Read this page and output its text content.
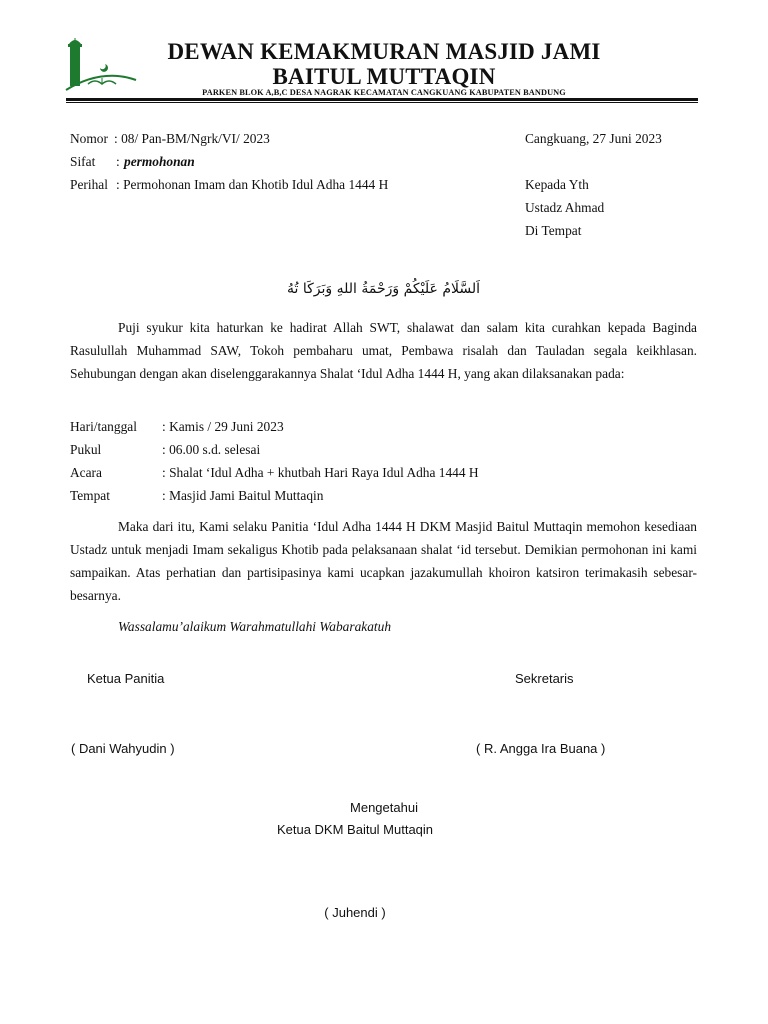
DEWAN KEMAKMURAN MASJID JAMI
BAITUL MUTTAQIN
PARKEN BLOK A,B,C DESA NAGRAK KECAMATAN CANGKUANG KABUPATEN BANDUNG
Nomor : 08/ Pan-BM/Ngrk/VI/ 2023
Sifat : permohonan
Perihal : Permohonan Imam dan Khotib Idul Adha 1444 H
Cangkuang, 27 Juni 2023
Kepada Yth
Ustadz Ahmad
Di Tempat
اَلسَّلَامُ عَلَيْكُمْ وَرَحْمَةُ اللهِ وَبَرَكَا تُهُ
Puji syukur kita haturkan ke hadirat Allah SWT, shalawat dan salam kita curahkan kepada Baginda Rasulullah Muhammad SAW, Tokoh pembaharu umat, Pembawa risalah dan Tauladan segala keikhlasan. Sehubungan dengan akan diselenggarakannya Shalat ‘Idul Adha 1444 H, yang akan dilaksanakan pada:
Hari/tanggal : Kamis / 29 Juni 2023
Pukul	: 06.00 s.d. selesai
Acara	: Shalat ‘Idul Adha + khutbah Hari Raya Idul Adha 1444 H
Tempat	: Masjid Jami Baitul Muttaqin
Maka dari itu, Kami selaku Panitia ‘Idul Adha 1444 H DKM Masjid Baitul Muttaqin memohon kesediaan Ustadz untuk menjadi Imam sekaligus Khotib pada pelaksanaan shalat ‘id tersebut. Demikian permohonan ini kami sampaikan. Atas perhatian dan partisipasinya kami ucapkan jazakumullah khoiron katsiron terimakasih sebesar-besarnya.
Wassalamu’alaikum Warahmatullahi Wabarakatuh
Ketua Panitia	Sekretaris
( Dani Wahyudin )	( R. Angga Ira Buana )
Mengetahui
Ketua DKM Baitul Muttaqin
( Juhendi )
